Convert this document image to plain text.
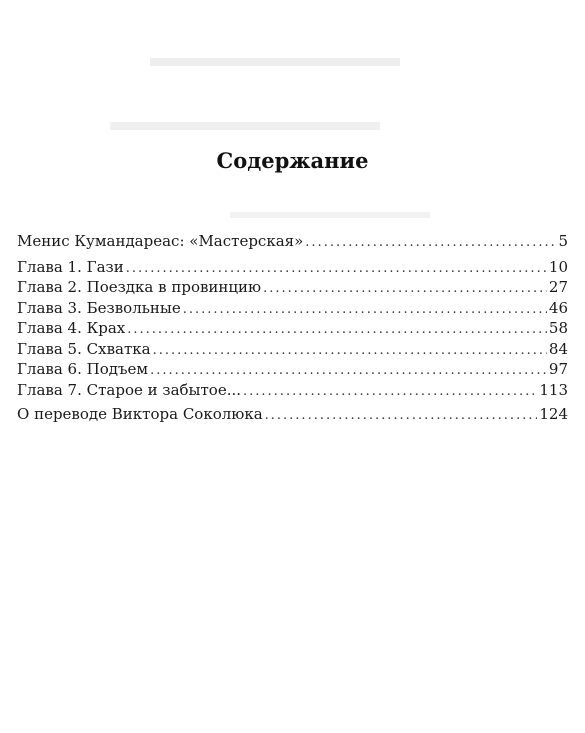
Содержание
Менис Кумандареас: «Мастерская» .....	5
Глава 1. Гази .....	10
Глава 2. Поездка в провинцию .....	27
Глава 3. Безвольные .....	46
Глава 4. Крах .....	58
Глава 5. Схватка .....	84
Глава 6. Подъем .....	97
Глава 7. Старое и забытое... .....	113
О переводе Виктора Соколюка .....	124
